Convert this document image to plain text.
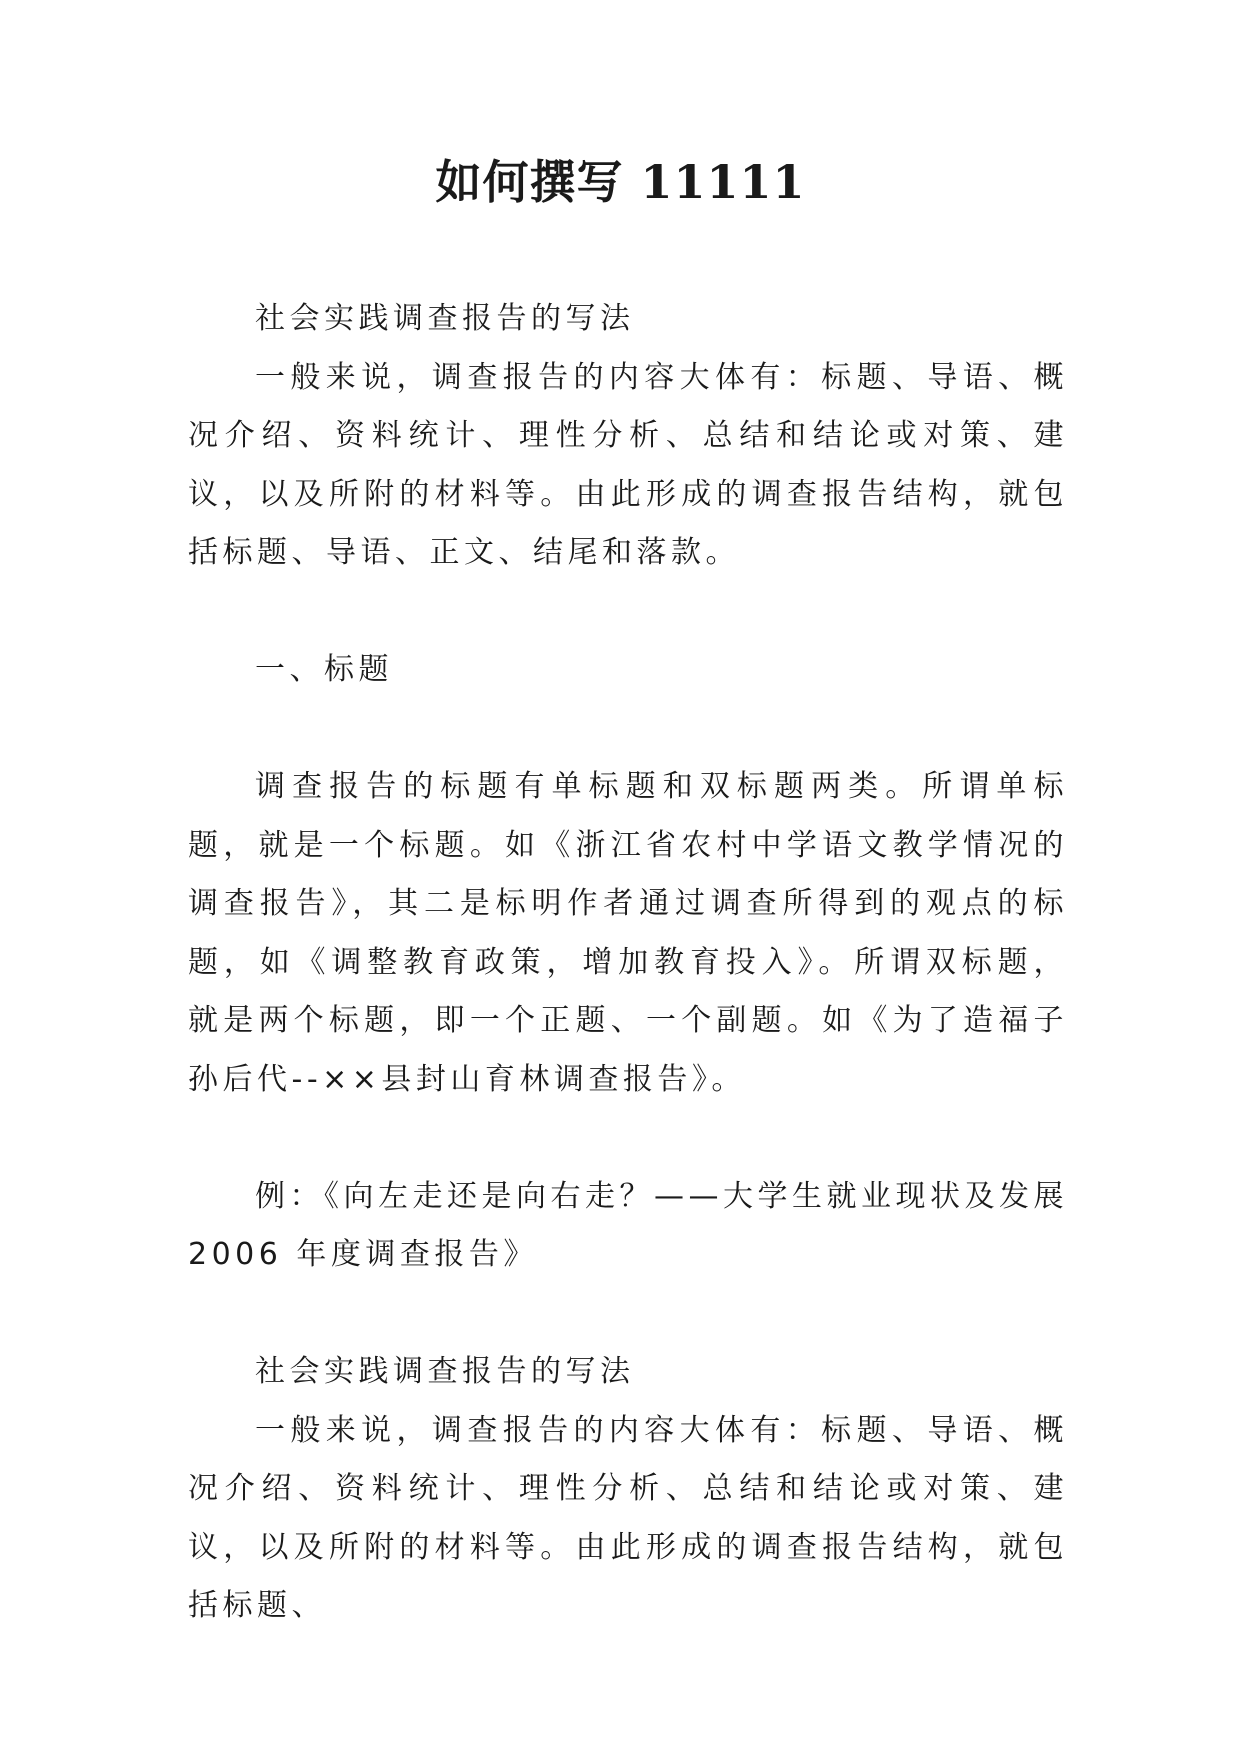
如何撰写 11111

社会实践调查报告的写法

一般来说，调查报告的内容大体有：标题、导语、概况介绍、资料统计、理性分析、总结和结论或对策、建议，以及所附的材料等。由此形成的调查报告结构，就包括标题、导语、正文、结尾和落款。

一、标题

调查报告的标题有单标题和双标题两类。所谓单标题，就是一个标题。如《浙江省农村中学语文教学情况的调查报告》，其二是标明作者通过调查所得到的观点的标题，如《调整教育政策，增加教育投入》。所谓双标题，就是两个标题，即一个正题、一个副题。如《为了造福子孙后代--××县封山育林调查报告》。

例：《向左走还是向右走？——大学生就业现状及发展 2006 年度调查报告》

社会实践调查报告的写法

一般来说，调查报告的内容大体有：标题、导语、概况介绍、资料统计、理性分析、总结和结论或对策、建议，以及所附的材料等。由此形成的调查报告结构，就包括标题、
